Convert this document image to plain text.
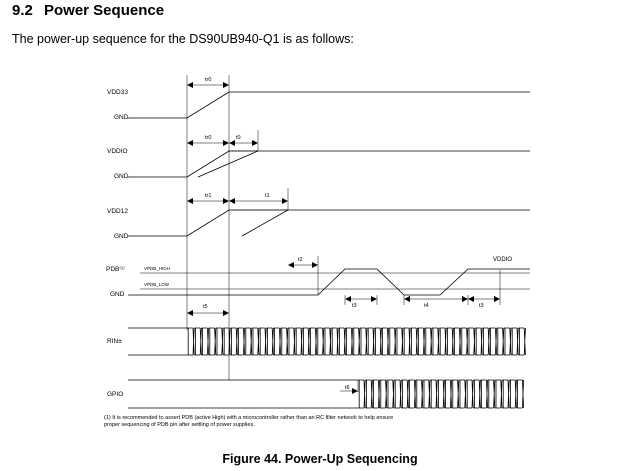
9.2 Power Sequence
The power-up sequence for the DS90UB940-Q1 is as follows:
VDD33
GND
VDDIO
GND
VDD12
GND
PDB⁽¹⁾
GND
RIN±
GPIO
VPDB_HIGH
VPDB_LOW
VDDIO
tr0
tr0	t0
tr1	t1
t2
t3	t4	t3
t5
t6
(1) It is recommended to assert PDB (active High) with a microcontroller rather than an RC filter network to help ensure
proper sequencing of PDB pin after settling of power supplies.
Figure 44. Power-Up Sequencing
